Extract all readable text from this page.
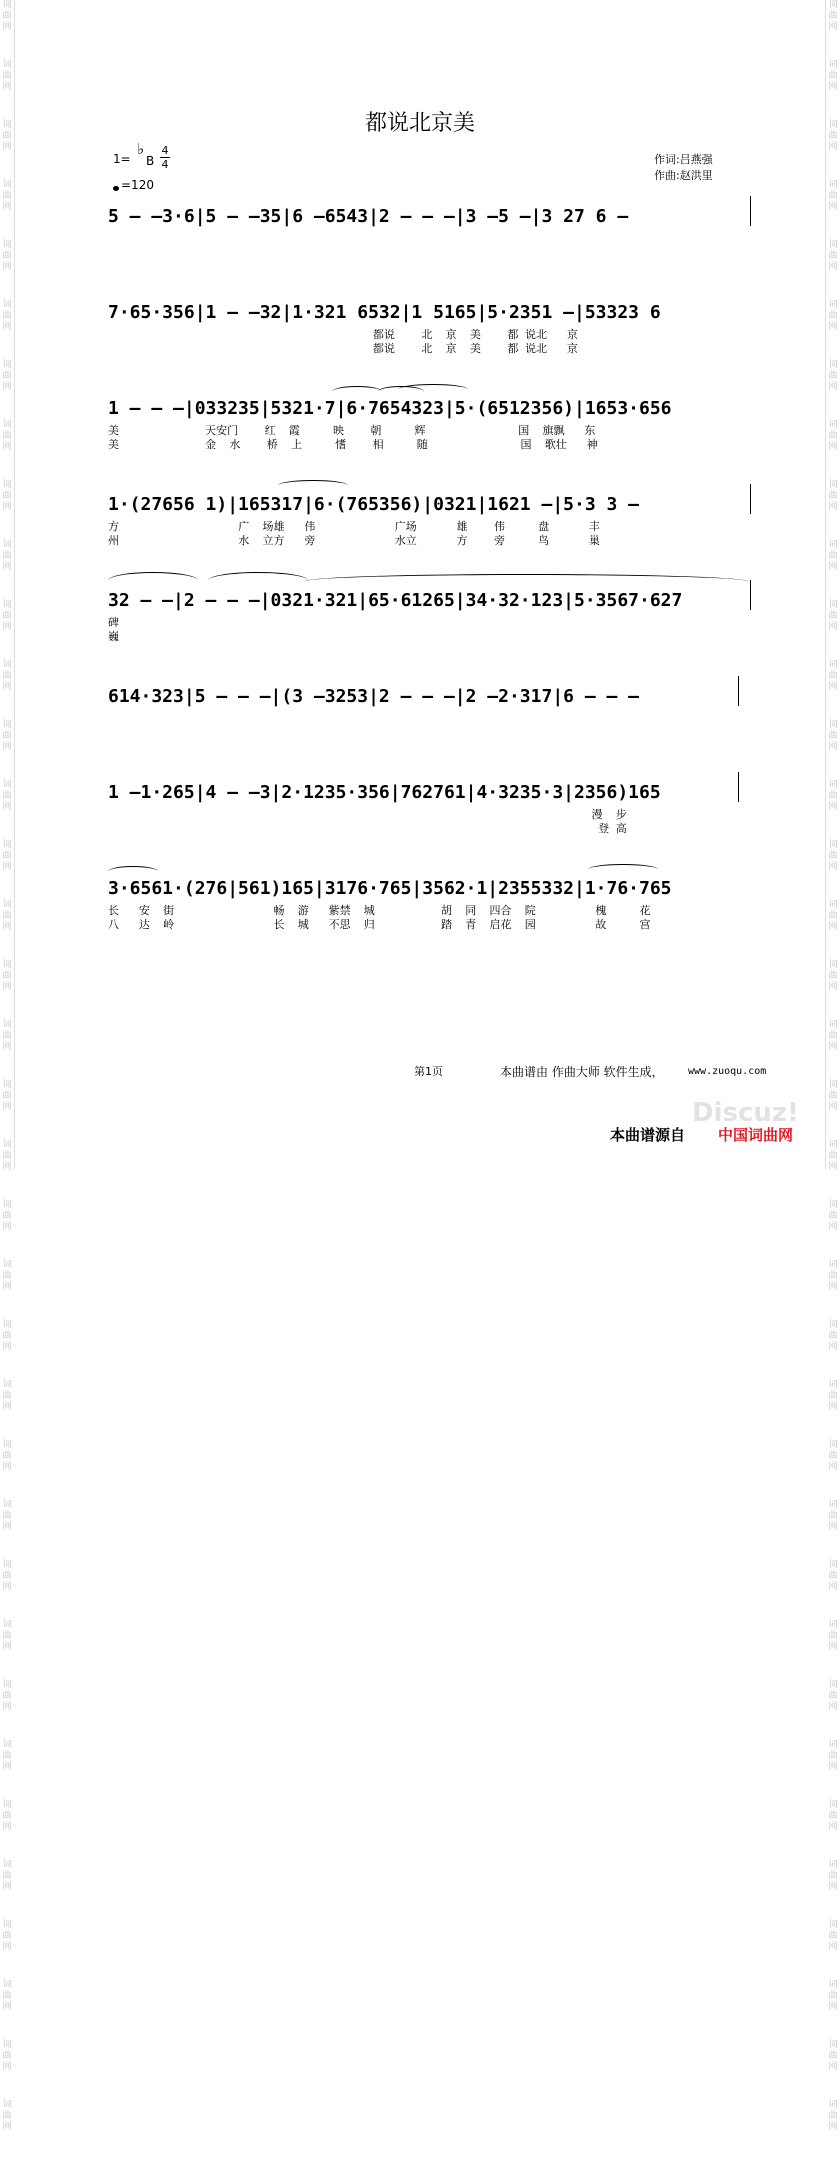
词
曲
网
词
曲
网
词
曲
网
词
曲
网
词
曲
网
词
曲
网
词
曲
网
词
曲
网
词
曲
网
词
曲
网
词
曲
网
词
曲
网
词
曲
网
词
曲
网
词
曲
网
词
曲
网
词
曲
网
词
曲
网
词
曲
网
词
曲
网
词
曲
网
词
曲
网
词
曲
网
词
曲
网
词
曲
网
词
曲
网
词
曲
网
词
曲
网
词
曲
网
词
曲
网
词
曲
网
词
曲
网
词
曲
网
词
曲
网
词
曲
网
词
曲
网
词
曲
网
词
曲
网
词
曲
网
词
曲
网
词
曲
网
词
曲
网
词
曲
网
词
曲
网
词
曲
网
词
曲
网
词
曲
网
词
曲
网
词
曲
网
词
曲
网
词
曲
网
词
曲
网
词
曲
网
词
曲
网
词
曲
网
词
曲
网
词
曲
网
词
曲
网
词
曲
网
词
曲
网
词
曲
网
词
曲
网
词
曲
网
词
曲
网
词
曲
网
词
曲
网
词
曲
网
词
曲
网
词
曲
网
词
曲
网
词
曲
网
词
曲
网
都说北京美
1=
♭
B
4
4
=120
作词:吕燕强
作曲:赵洪里
5 – –3·6|5 – –35|6 –6543|2 – – –|3 –5 –|3 27 6 –
7·65·356|1 – –32|1·321 6532|1 5165|5·2351 –|53323 6
都说    北  京  美    都 说北   京
都说    北  京  美    都 说北   京
1 – – –|033235|5321·7|6·7654323|5·(6512356)|1653·656
美             天安门    红  霞     映    朝     辉              国  旗飘   东
美             金  水    桥  上     愭    相     随              国  歌壮   神
1·(27656 1)|165317|6·(765356)|0321|1621 –|5·3 3 –
方                  广  场雄   伟            广场      雄    伟     盘      丰
州                  水  立方   旁            水立      方    旁     鸟      巢
32 – –|2 – – –|0321·321|65·61265|34·32·123|5·3567·627
碑
巍
614·323|5 – – –|(3 –3253|2 – – –|2 –2·317|6 – – –
1 –1·265|4 – –3|2·1235·356|762761|4·3235·3|2356)165
漫  步
登 高
3·6561·(276|561)165|3176·765|3562·1|2355332|1·76·765
长   安  街               畅  游   紫禁  城          胡  同  四合  院         槐     花
八   达  岭               长  城   不思  归          踏  青  启花  园         故     宫
第1页	本曲谱由 作曲大师 软件生成， www.zuoqu.com
Discuz!
本曲谱源自 中国词曲网
